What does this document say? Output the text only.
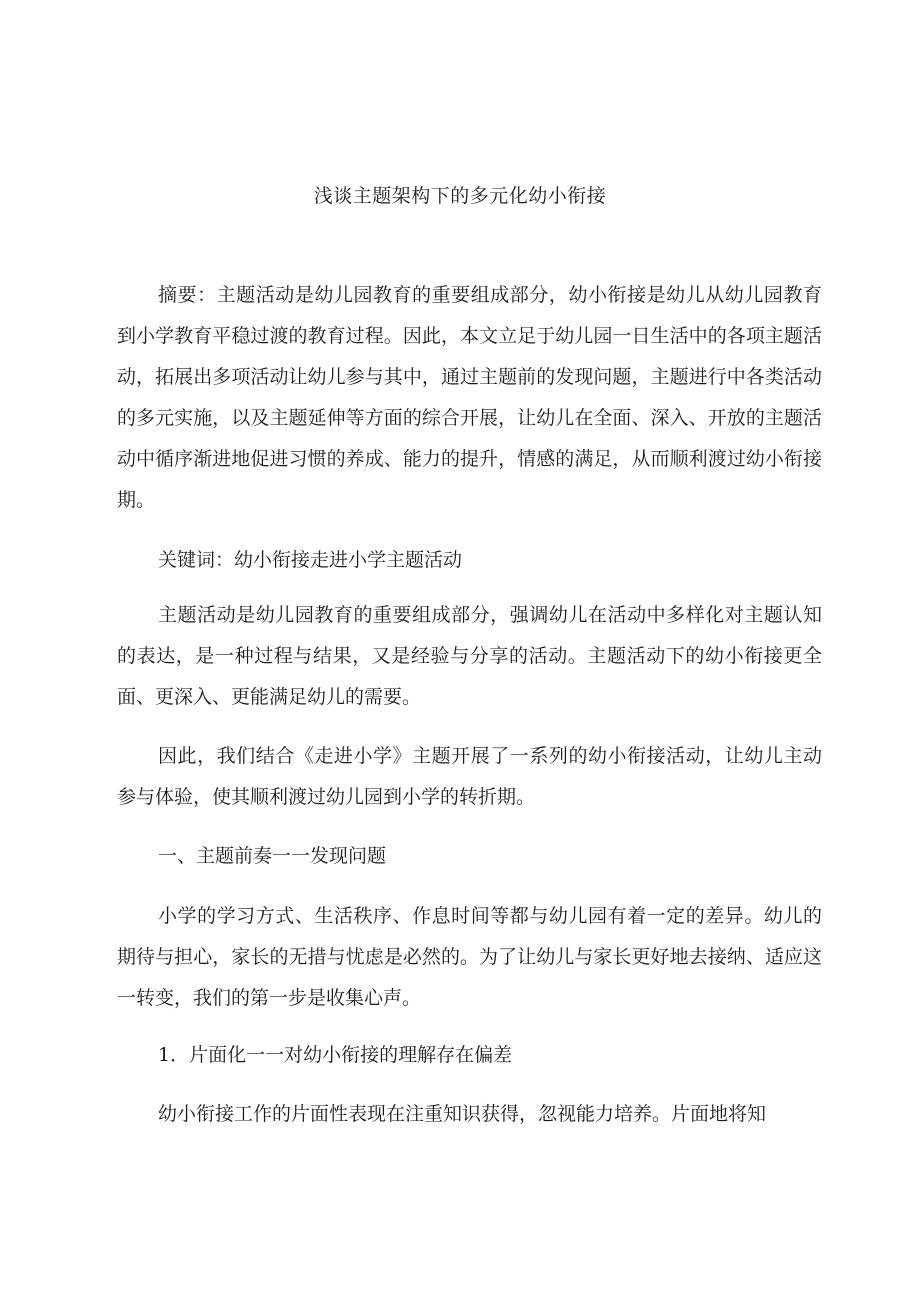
浅谈主题架构下的多元化幼小衔接

摘要：主题活动是幼儿园教育的重要组成部分，幼小衔接是幼儿从幼儿园教育到小学教育平稳过渡的教育过程。因此，本文立足于幼儿园一日生活中的各项主题活动，拓展出多项活动让幼儿参与其中，通过主题前的发现问题，主题进行中各类活动的多元实施，以及主题延伸等方面的综合开展，让幼儿在全面、深入、开放的主题活动中循序渐进地促进习惯的养成、能力的提升，情感的满足，从而顺利渡过幼小衔接期。

关键词：幼小衔接走进小学主题活动

主题活动是幼儿园教育的重要组成部分，强调幼儿在活动中多样化对主题认知的表达，是一种过程与结果，又是经验与分享的活动。主题活动下的幼小衔接更全面、更深入、更能满足幼儿的需要。

因此，我们结合《走进小学》主题开展了一系列的幼小衔接活动，让幼儿主动参与体验，使其顺利渡过幼儿园到小学的转折期。

一、主题前奏一一发现问题

小学的学习方式、生活秩序、作息时间等都与幼儿园有着一定的差异。幼儿的期待与担心，家长的无措与忧虑是必然的。为了让幼儿与家长更好地去接纳、适应这一转变，我们的第一步是收集心声。

1．片面化一一对幼小衔接的理解存在偏差

幼小衔接工作的片面性表现在注重知识获得，忽视能力培养。片面地将知
